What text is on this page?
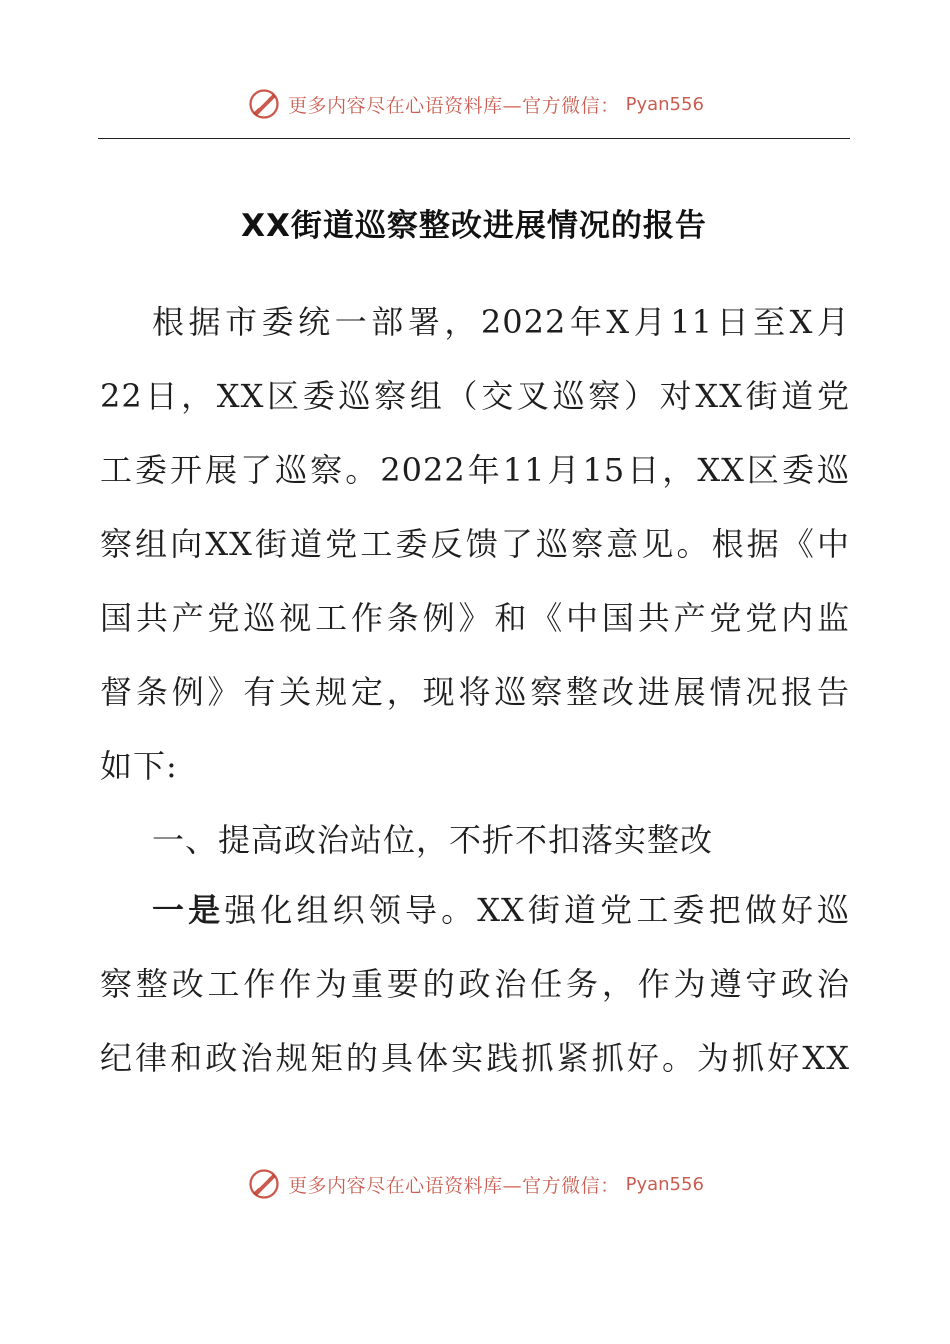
更多内容尽在心语资料库—官方微信： Pyan556
XX街道巡察整改进展情况的报告
根据市委统一部署，2022年X月11日至X月
22日，XX区委巡察组（交叉巡察）对XX街道党
工委开展了巡察。2022年11月15日，XX区委巡
察组向XX街道党工委反馈了巡察意见。根据《中
国共产党巡视工作条例》和《中国共产党党内监
督条例》有关规定，现将巡察整改进展情况报告
如下:
一、提高政治站位，不折不扣落实整改
一是强化组织领导。XX街道党工委把做好巡
察整改工作作为重要的政治任务，作为遵守政治
纪律和政治规矩的具体实践抓紧抓好。为抓好XX
更多内容尽在心语资料库—官方微信： Pyan556
